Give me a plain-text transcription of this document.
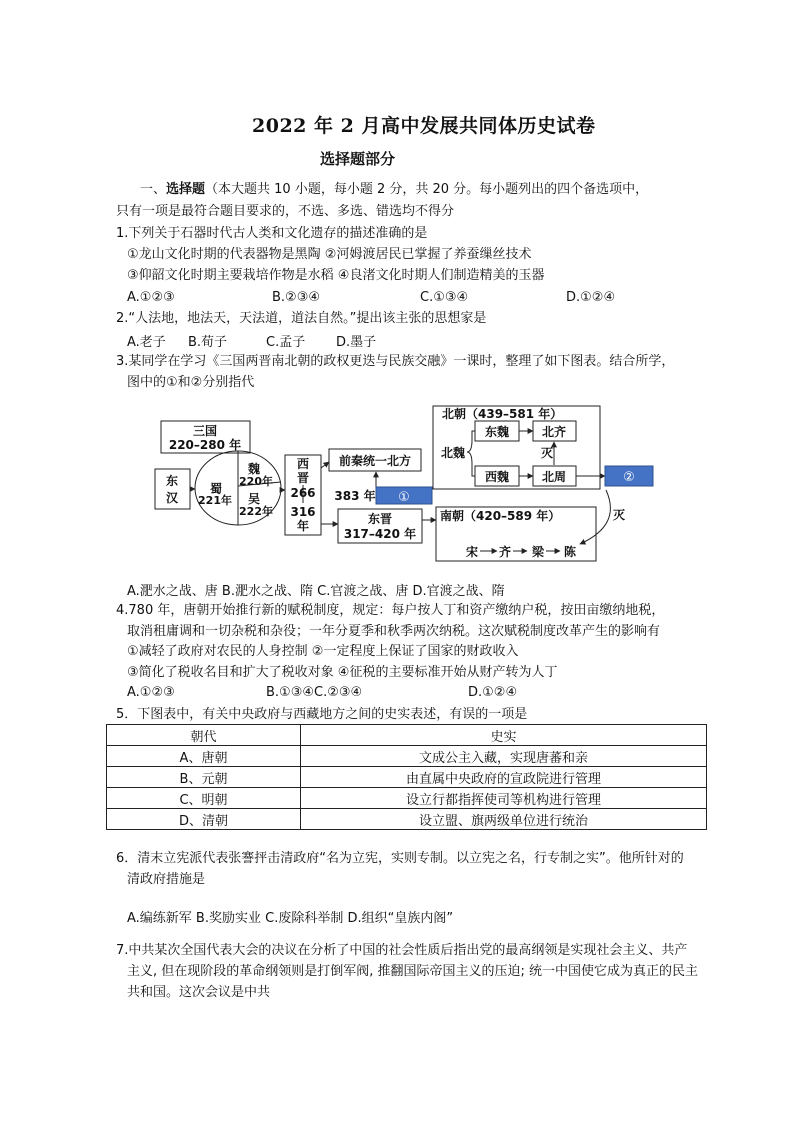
2022 年 2 月高中发展共同体历史试卷
选择题部分
一、选择题（本大题共 10 小题，每小题 2 分，共 20 分。每小题列出的四个备选项中，
只有一项是最符合题目要求的，不选、多选、错选均不得分
1.下列关于石器时代古人类和文化遗存的描述准确的是
①龙山文化时期的代表器物是黑陶 ②河姆渡居民已掌握了养蚕缫丝技术
③仰韶文化时期主要栽培作物是水稻 ④良渚文化时期人们制造精美的玉器
A.①②③	B.②③④	C.①③④	D.①②④
2.“人法地，地法天，天法道，道法自然。”提出该主张的思想家是
A.老子 B.荀子	C.孟子 D.墨子
3.某同学在学习《三国两晋南北朝的政权更迭与民族交融》一课时，整理了如下图表。结合所学，
图中的①和②分别指代
三国
220–280 年
东
汉
魏
220年
蜀
221年 吴
222年
西
晋
266
316
年
前秦统一北方
383 年 ①
②
东晋
317–420 年
北朝（439–581 年）
北魏
东魏	北齐
西魏	北周
灭
灭
南朝（420–589 年）
宋 齐 梁 陈
A.淝水之战、唐 B.淝水之战、隋 C.官渡之战、唐 D.官渡之战、隋
4.780 年，唐朝开始推行新的赋税制度，规定：每户按人丁和资产缴纳户税，按田亩缴纳地税，
取消租庸调和一切杂税和杂役；一年分夏季和秋季两次纳税。这次赋税制度改革产生的影响有
①减轻了政府对农民的人身控制 ②一定程度上保证了国家的财政收入
③简化了税收名目和扩大了税收对象 ④征税的主要标准开始从财产转为人丁
A.①②③	B.①③④C.②③④	D.①②④
5．下图表中，有关中央政府与西藏地方之间的史实表述，有误的一项是
朝代	史实
A、唐朝	文成公主入藏，实现唐蕃和亲
B、元朝	由直属中央政府的宣政院进行管理
C、明朝	设立行都指挥使司等机构进行管理
D、清朝	设立盟、旗两级单位进行统治
6．清末立宪派代表张謇抨击清政府“名为立宪，实则专制。以立宪之名，行专制之实”。他所针对的
清政府措施是
A.编练新军 B.奖励实业 C.废除科举制 D.组织“皇族内阁”
7.中共某次全国代表大会的决议在分析了中国的社会性质后指出党的最高纲领是实现社会主义、共产
主义, 但在现阶段的革命纲领则是打倒军阀, 推翻国际帝国主义的压迫; 统一中国使它成为真正的民主
共和国。这次会议是中共
